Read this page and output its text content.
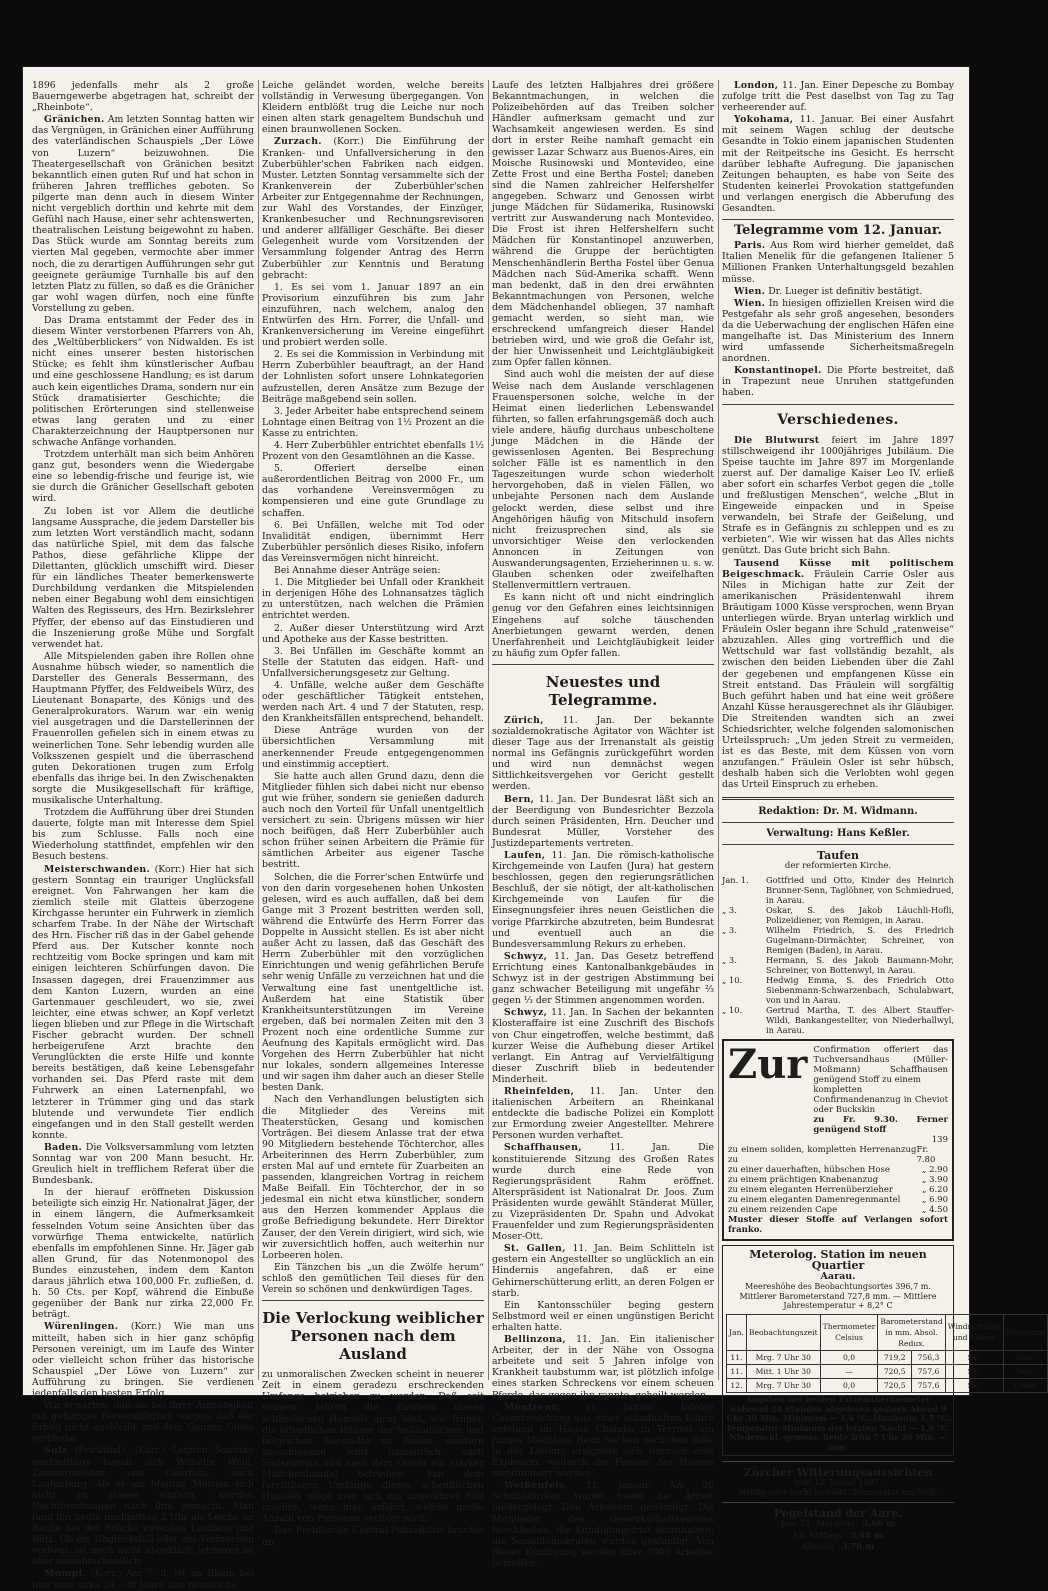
1896 jedenfalls mehr als 2 große Bauerngewerbe abgetragen hat, schreibt der „Rheinbote“.

Gränichen. Am letzten Sonntag hatten wir das Vergnügen, in Gränichen einer Aufführung des vaterländischen Schauspiels „Der Löwe von Luzern“ beizuwohnen. Die Theatergesellschaft von Gränichen besitzt bekanntlich einen guten Ruf und hat schon in früheren Jahren treffliches geboten. So pilgerte man denn auch in diesem Winter nicht vergeblich dorthin und kehrte mit dem Gefühl nach Hause, einer sehr achtenswerten, theatralischen Leistung beigewohnt zu haben. Das Stück wurde am Sonntag bereits zum vierten Mal gegeben, vermochte aber immer noch, die zu derartigen Aufführungen sehr gut geeignete geräumige Turnhalle bis auf den letzten Platz zu füllen, so daß es die Gränicher gar wohl wagen dürfen, noch eine fünfte Vorstellung zu geben.

Das Drama entstammt der Feder des in diesem Winter verstorbenen Pfarrers von Ah, des „Weltüberblickers“ von Nidwalden. Es ist nicht eines unserer besten historischen Stücke; es fehlt ihm künstlerischer Aufbau und eine geschlossene Handlung; es ist darum auch kein eigentliches Drama, sondern nur ein Stück dramatisierter Geschichte; die politischen Erörterungen sind stellenweise etwas lang geraten und zu einer Charakterzeichnung der Hauptpersonen nur schwache Anfänge vorhanden.

Trotzdem unterhält man sich beim Anhören ganz gut, besonders wenn die Wiedergabe eine so lebendig-frische und feurige ist, wie sie durch die Gränicher Gesellschaft geboten wird.

Zu loben ist vor Allem die deutliche langsame Aussprache, die jedem Darsteller bis zum letzten Wort verständlich macht, sodann das natürliche Spiel, mit dem das falsche Pathos, diese gefährliche Klippe der Dilettanten, glücklich umschifft wird. Dieser für ein ländliches Theater bemerkenswerte Durchbildung verdanken die Mitspielenden neben einer Begabung wohl dem einsichtigen Walten des Regisseurs, des Hrn. Bezirkslehrer Pfyffer, der ebenso auf das Einstudieren und die Inszenierung große Mühe und Sorgfalt verwendet hat.

Alle Mitspielenden gaben ihre Rollen ohne Ausnahme hübsch wieder, so namentlich die Darsteller des Generals Bessermann, des Hauptmann Pfyffer, des Feldweibels Würz, des Lieutenant Bonaparte, des Königs und des Generalprokurators. Warum war ein wenig viel ausgetragen und die Darstellerinnen der Frauenrollen gefielen sich in einem etwas zu weinerlichen Tone. Sehr lebendig wurden alle Volksszenen gespielt und die überraschend guten Dekorationen trugen zum Erfolg ebenfalls das ihrige bei. In den Zwischenakten sorgte die Musikgesellschaft für kräftige, musikalische Unterhaltung.

Trotzdem die Aufführung über drei Stunden dauerte, folgte man mit Interesse dem Spiel bis zum Schlusse. Falls noch eine Wiederholung stattfindet, empfehlen wir den Besuch bestens.

Meisterschwanden. (Korr.) Hier hat sich gestern Sonntag ein trauriger Unglücksfall ereignet. Von Fahrwangen her kam die ziemlich steile mit Glatteis überzogene Kirchgasse herunter ein Fuhrwerk in ziemlich scharfem Trabe. In der Nähe der Wirtschaft des Hrn. Fischer riß das in der Gabel gehende Pferd aus. Der Kutscher konnte noch rechtzeitig vom Bocke springen und kam mit einigen leichteren Schürfungen davon. Die Insassen dagegen, drei Frauenzimmer aus dem Kanton Luzern, wurden an eine Gartenmauer geschleudert, wo sie, zwei leichter, eine etwas schwer, an Kopf verletzt liegen blieben und zur Pflege in die Wirtschaft Fischer gebracht wurden. Der schnell herbeigerufene Arzt brachte den Verunglückten die erste Hilfe und konnte bereits bestätigen, daß keine Lebensgefahr vorhanden sei. Das Pferd raste mit dem Fuhrwerk an einen Laternenpfahl, wo letzterer in Trümmer ging und das stark blutende und verwundete Tier endlich eingefangen und in den Stall gestellt werden konnte.

Baden. Die Volksversammlung vom letzten Sonntag war von 200 Mann besucht. Hr. Greulich hielt in trefflichem Referat über die Bundesbank.

In der hierauf eröffneten Diskussion beteiligte sich einzig Hr. Nationalrat Jäger, der in einem längern, die Aufmerksamkeit fesselnden Votum seine Ansichten über das vorwürfige Thema entwickelte, natürlich ebenfalls im empfohlenen Sinne. Hr. Jäger gab allen Grund, für das Notenmonopol des Bundes einzustehen, indem dem Kanton daraus jährlich etwa 100,000 Fr. zufließen, d. h. 50 Cts. per Kopf, während die Einbuße gegenüber der Bank nur zirka 22,000 Fr. beträgt.

Würenlingen. (Korr.) Wie man uns mitteilt, haben sich in hier ganz schöpfig Personen vereinigt, um im Laufe des Winter oder vielleicht schon früher das historische Schauspiel „Der Löwe von Luzern“ zur Aufführung zu bringen. Sie verdienen jedenfalls den besten Erfolg.

Wir erwarten, daß sie bei ihrer Anmutigkeit mit gehöriger Bereitwilligkeit sorgen, daß der Erfolg nicht ausbleibt und dem Ganzen Gutes verbleibe.

Sulz (Frickthal). (Korr.) Letzten Sonntag nachmittags begab sich Wilhelm Weiß, Zimmermeister von Oberfulz, nach Laufenburg. Als er am Montag Morgen sich nicht zu Hause einfand, wurden Nachforschungen nach ihm gemacht. Man fand ihn heute nachmittag 2 Uhr als Leiche im Bache bei der Brücke zwischen Leidikon und Bütz. Ob ein Unglücksfall oder ein Verbrechen vorliegt, ist noch nicht abgeklärt; letzteres ist aber unwahrscheinlich.

Mumpf. (Korr.) Am 7. d. ist im Rhein bei hier eine zirka 24—30 Jahre alte männliche

Leiche geländet worden, welche bereits vollständig in Verwesung übergegangen. Von Kleidern entblößt trug die Leiche nur noch einen alten stark genageltem Bundschuh und einen braunwollenen Socken.

Zurzach. (Korr.) Die Einführung der Kranken- und Unfallversicherung in den Zuberbühler'schen Fabriken nach eidgen. Muster. Letzten Sonntag versammelte sich der Krankenverein der Zuberbühler'schen Arbeiter zur Entgegennahme der Rechnungen, zur Wahl des Vorstandes, der Einzüger, Krankenbesucher und Rechnungsrevisoren und anderer allfälliger Geschäfte. Bei dieser Gelegenheit wurde vom Vorsitzenden der Versammlung folgender Antrag des Herrn Zuberbühler zur Kenntnis und Beratung gebracht:

1. Es sei vom 1. Januar 1897 an ein Provisorium einzuführen bis zum Jahr einzuführen, nach welchem, analog den Entwürfen des Hrn. Forrer, die Unfall- und Krankenversicherung im Vereine eingeführt und probiert werden solle.

2. Es sei die Kommission in Verbindung mit Herrn Zuberbühler beauftragt, an der Hand der Lohnlisten sofort unsere Lohnkategorien aufzustellen, deren Ansätze zum Bezuge der Beiträge maßgebend sein sollen.

3. Jeder Arbeiter habe entsprechend seinem Lohntage einen Beitrag von 1½ Prozent an die Kasse zu entrichten.

4. Herr Zuberbühler entrichtet ebenfalls 1½ Prozent von den Gesamtlöhnen an die Kasse.

5. Offeriert derselbe einen außerordentlichen Beitrag von 2000 Fr., um das vorhandene Vereinsvermögen zu kompensieren und eine gute Grundlage zu schaffen.

6. Bei Unfällen, welche mit Tod oder Invalidität endigen, übernimmt Herr Zuberbühler persönlich dieses Risiko, infofern das Vereinsvermögen nicht hinreicht.

Bei Annahme dieser Anträge seien:

1. Die Mitglieder bei Unfall oder Krankheit in derjenigen Höhe des Lohnansatzes täglich zu unterstützen, nach welchen die Prämien entrichtet werden.

2. Außer dieser Unterstützung wird Arzt und Apotheke aus der Kasse bestritten.

3. Bei Unfällen im Geschäfte kommt an Stelle der Statuten das eidgen. Haft- und Unfallversicherungsgesetz zur Geltung.

4. Unfälle, welche außer dem Geschäfte oder geschäftlicher Tätigkeit entstehen, werden nach Art. 4 und 7 der Statuten, resp. den Krankheitsfällen entsprechend, behandelt.

Diese Anträge wurden von der übersichtlichen Versammlung mit anerkennender Freude entgegengenommen und einstimmig acceptiert.

Sie hatte auch allen Grund dazu, denn die Mitglieder fühlen sich dabei nicht nur ebenso gut wie früher, sondern sie genießen dadurch auch noch den Vorteil für Unfall unentgeltlich versichert zu sein. Übrigens müssen wir hier noch beifügen, daß Herr Zuberbühler auch schon früher seinen Arbeitern die Prämie für sämtlichen Arbeiter aus eigener Tasche bestritt.

Solchen, die die Forrer'schen Entwürfe und von den darin vorgesehenen hohen Unkosten gelesen, wird es auch auffallen, daß bei dem Gange mit 3 Prozent bestritten werden soll, während die Entwürfe des Herrn Forrer das Doppelte in Aussicht stellen. Es ist aber nicht außer Acht zu lassen, daß das Geschäft des Herrn Zuberbühler mit den vorzüglichen Einrichtungen und wenig gefährlichen Berufe sehr wenig Unfälle zu verzeichnen hat und die Verwaltung eine fast unentgeltliche ist. Außerdem hat eine Statistik über Krankheitsunterstützungen im Vereine ergeben, daß bei normalen Zeiten mit den 3 Prozent noch eine ordentliche Summe zur Aeufnung des Kapitals ermöglicht wird. Das Vorgehen des Herrn Zuberbühler hat nicht nur lokales, sondern allgemeines Interesse und wir sagen ihm daher auch an dieser Stelle besten Dank.

Nach den Verhandlungen belustigten sich die Mitglieder des Vereins mit Theaterstücken, Gesang und komischen Vorträgen. Bei diesem Anlasse trat der etwa 90 Mitgliedern bestehende Töchterchor, alles Arbeiterinnen des Herrn Zuberbühler, zum ersten Mal auf und erntete für Zuarbeiten an passenden, klangreichen Vortrag in reichem Maße Beifall. Ein Töchterchor, der in so jedesmal ein nicht etwa künstlicher, sondern aus den Herzen kommender Applaus die große Befriedigung bekundete. Herr Direktor Zauser, der den Verein dirigiert, wird sich, wie wir zuversichtlich hoffen, auch weiterhin nur Lorbeeren holen.

Ein Tänzchen bis „un die Zwölfe herum“ schloß den gemütlichen Teil dieses für den Verein so schönen und denkwürdigen Tages.

Die Verlockung weiblicher Personen nach dem Ausland

zu unmoralischen Zwecken scheint in neuerer Zeit in einem geradezu erschreckenden Umfange betrieben zu werden. Daß seit einigen Jahren die Existenz dieses schändlichen Handels nicht bloß, wie früher, die öffentlichen Häuser der holländischen und belgischen Seestädte zu Zielen, sondern ausschienend wird namentlich nach Südamerika und nach dem Orient ein starker Mädchenhandel betrieben. Von dem furchtbaren Umfange dieses scheußlichen Handels möge man sich ein ungefähres Bild machen, wenn man erfährt, welche große Anzahl von Personen verfolgt wird.

Das Preußische Central-Polizeiblatt brachte im

Laufe des letzten Halbjahres drei größere Bekanntmachungen, in welchen die Polizeibehörden auf das Treiben solcher Händler aufmerksam gemacht und zur Wachsamkeit angewiesen werden. Es sind dort in erster Reihe namhaft gemacht ein gewisser Lazar Schwarz aus Buenos-Aires, ein Moische Rusinowski und Montevideo, eine Zette Frost und eine Bertha Fostel; daneben sind die Namen zahlreicher Helfershelfer angegeben. Schwarz und Genossen wirbt junge Mädchen für Südamerika, Rusinowski vertritt zur Auswanderung nach Montevideo. Die Frost ist ihren Helfershelfern sucht Mädchen für Konstantinopel anzuwerben, während die Gruppe der berüchtigten Menschenhändlerin Bertha Fostel über Genua Mädchen nach Süd-Amerika schafft. Wenn man bedenkt, daß in den drei erwähnten Bekanntmachungen von Personen, welche dem Mädchenhandel obliegen, 37 namhaft gemacht werden, so sieht man, wie erschreckend umfangreich dieser Handel betrieben wird, und wie groß die Gefahr ist, der hier Unwissenheit und Leichtgläubigkeit zum Opfer fallen können.

Sind auch wohl die meisten der auf diese Weise nach dem Auslande verschlagenen Frauenspersonen solche, welche in der Heimat einen liederlichen Lebenswandel führten, so fallen erfahrungsgemäß doch auch viele andere, häufig durchaus unbescholtene junge Mädchen in die Hände der gewissenlosen Agenten. Bei Besprechung solcher Fälle ist es namentlich in den Tageszeitungen wurde schon wiederholt hervorgehoben, daß in vielen Fällen, wo unbejahte Personen nach dem Auslande gelockt werden, diese selbst und ihre Angehörigen häufig von Mitschuld insofern nicht freizusprechen sind, als sie unvorsichtiger Weise den verlockenden Annoncen in Zeitungen von Auswanderungsagenten, Erzieherinnen u. s. w. Glauben schenken oder zweifelhaften Stellenvermittlern vertrauen.

Es kann nicht oft und nicht eindringlich genug vor den Gefahren eines leichtsinnigen Eingehens auf solche täuschenden Anerbietungen gewarnt werden, denen Unerfahrenheit und Leichtgläubigkeit leider zu häufig zum Opfer fallen.

Neuestes und Telegramme.

Zürich, 11. Jan. Der bekannte sozialdemokratische Agitator von Wächter ist dieser Tage aus der Irrenanstalt als geistig normal ins Gefängnis zurückgeführt worden und wird nun demnächst wegen Sittlichkeitsvergehen vor Gericht gestellt werden.

Bern, 11. Jan. Der Bundesrat läßt sich an der Beerdigung von Bundesrichter Bezzola durch seinen Präsidenten, Hrn. Deucher und Bundesrat Müller, Vorsteher des Justizdepartements vertreten.

Laufen, 11. Jan. Die römisch-katholische Kirchgemeinde von Laufen (Jura) hat gestern beschlossen, gegen den regierungsrätlichen Beschluß, der sie nötigt, der alt-katholischen Kirchgemeinde von Laufen für die Einsegnungsfeier ihres neuen Geistlichen die vorige Pfarrkirche abzutreten, beim Bundesrat und eventuell auch an die Bundesversammlung Rekurs zu erheben.

Schwyz, 11. Jan. Das Gesetz betreffend Errichtung eines Kantonalbankgebäudes in Schwyz ist in der gestrigen Abstimmung bei ganz schwacher Beteiligung mit ungefähr ⅔ gegen ⅓ der Stimmen angenommen worden.

Schwyz, 11. Jan. In Sachen der bekannten Klosteraffaire ist eine Zuschrift des Bischofs von Chur eingetroffen, welche bestimmt, daß kurzer Weise die Aufhebung dieser Artikel verlangt. Ein Antrag auf Vervielfältigung dieser Zuschrift blieb in bedeutender Minderheit.

Rheinfelden, 11. Jan. Unter den italienischen Arbeitern an Rheinkanal entdeckte die badische Polizei ein Komplott zur Ermordung zweier Angestellter. Mehrere Personen wurden verhaftet.

Schaffhausen,	11. Jan. Die konstituierende Sitzung des Großen Rates wurde durch eine Rede von Regierungspräsident Rahm eröffnet. Alterspräsident ist Nationalrat Dr. Joos. Zum Präsidenten wurde gewählt Ständerat Müller, zu Vizepräsidenten Dr. Spahn und Advokat Frauenfelder und zum Regierungspräsidenten Moser-Ott.

St. Gallen, 11. Jan. Beim Schlitteln ist gestern ein Angestellter so unglücklich an ein Hindernis angefahren, daß er eine Gehirnerschütterung erlitt, an deren Folgen er starb.

Ein Kantonsschüler beging gestern Selbstmord weil er einen ungünstigen Bericht erhalten hatte.

Bellinzona, 11. Jan. Ein italienischer Arbeiter, der in der Nähe von Ossogna arbeitete und seit 5 Jahren infolge von Krankheit taubstumm war, ist plötzlich infolge eines starken Schreckens vor einem scheuen Pferde, das gegen ihn rannte, geheilt worden.

Montreux,	11. Januar. Infolge Gasentweichung aus einer schadhaften Röhre entstand im Hause Chamba in Territet ein junges Mädchen. Beim Suchen nach dem Riße in der Leitung ereignete sich hernach eine Explosion, wodurch die Fenster des Hauses zertrümmert wurden.

Weißenfels, 11. Januar. Am 30 Schuhfabriken wurde heute die Arbeit niedergelegt. Den Arbeitern gebündigt. Die Mitglieder des Gewerkschaftsvereins beschließen, die Kündigungsfrist einzuhalten; die Sozialdemokraten wurden gekündigt. Von dieser Kündigung werden über 3000 Arbeiter betroffen.

London, 11. Jan. Einer Depesche zu Bombay zufolge tritt die Pest daselbst von Tag zu Tag verheerender auf.

Yokohama, 11. Januar. Bei einer Ausfahrt mit seinem Wagen schlug der deutsche Gesandte in Tokio einem japanischen Studenten mit der Reitpeitsche ins Gesicht. Es herrscht darüber lebhafte Aufregung. Die japanischen Zeitungen behaupten, es habe von Seite des Studenten keinerlei Provokation stattgefunden und verlangen energisch die Abberufung des Gesandten.

Telegramme vom 12. Januar.

Paris. Aus Rom wird hierher gemeldet, daß Italien Menelik für die gefangenen Italiener 5 Millionen Franken Unterhaltungsgeld bezahlen müsse.

Wien. Dr. Lueger ist definitiv bestätigt.

Wien. In hiesigen offiziellen Kreisen wird die Pestgefahr als sehr groß angesehen, besonders da die Ueberwachung der englischen Häfen eine mangelhafte ist. Das Ministerium des Innern wird umfassende Sicherheitsmaßregeln anordnen.

Konstantinopel. Die Pforte bestreitet, daß in Trapezunt neue Unruhen stattgefunden haben.

Verschiedenes.

Die Blutwurst feiert im Jahre 1897 stillschweigend ihr 1000jähriges Jubiläum. Die Speise tauchte im Jahre 897 im Morgenlande zuerst auf. Der damalige Kaiser Leo IV. erließ aber sofort ein scharfes Verbot gegen die „tolle und freßlustigen Menschen“, welche „Blut in Eingeweide einpacken und in Speise verwandeln, bei Strafe der Geißelung, und Strafe es in Gefängnis zu schleppen und es zu verbieten“. Wie wir wissen hat das Alles nichts genützt. Das Gute bricht sich Bahn.

Tausend Küsse mit politischem Beigeschmack. Fräulein Carrie Osler aus Niles in Michigan hatte zur Zeit der amerikanischen Präsidentenwahl ihrem Bräutigam 1000 Küsse versprochen, wenn Bryan unterliegen würde. Bryan unterlag wirklich und Fräulein Osler begann ihre Schuld „ratenweise“ abzuzahlen. Alles ging vortrefflich und die Wettschuld war fast vollständig bezahlt, als zwischen den beiden Liebenden über die Zahl der gegebenen und empfangenen Küsse ein Streit entstand. Das Fräulein will sorgfältig Buch geführt haben und hat eine weit größere Anzahl Küsse herausgerechnet als ihr Gläubiger. Die Streitenden wandten sich an zwei Schiedsrichter, welche folgenden salomonischen Urteilsspruch: „Um jeden Streit zu vermeiden, ist es das Beste, mit dem Küssen von vorn anzufangen.“ Fräulein Osler ist sehr hübsch, deshalb haben sich die Verlobten wohl gegen das Urteil Einspruch zu erheben.

Redaktion: Dr. M. Widmann.
Verwaltung: Hans Keßler.
Taufen
der reformierten Kirche.
Jan. 1.	Gottfried und Otto, Kinder des Heinrich Brunner-Senn, Taglöhner, von Schmiedrued, in Aarau.
„ 3.	Oskar, S. des Jakob Läuchli-Hofli, Polizeidiener, von Remigen, in Aarau.
„ 3.	Wilhelm Friedrich, S. des Friedrich Gugelmann-Dirmächter, Schreiner, von Remigen (Baden), in Aarau.
„ 3.	Hermann, S. des Jakob Baumann-Mohr, Schreiner, von Bottenwyl, in Aarau.
„ 10.	Hedwig Emma, S. des Friedrich Otto Siebenmann-Schwarzenbach, Schulabwart, von und in Aarau.
„ 10.	Gertrud Martha, T. des Albert Stauffer-Wildi, Bankangestellter, von Niederhallwyl, in Aarau.
Zur Confirmation offeriert das Tuchversandhaus (Müller-Moßmann) Schaffhausen genügend Stoff zu einem
kompletten Confirmandenanzug in Cheviot oder Buckskin
zu Fr. 9.30. Ferner genügend Stoff
139
zu einem soliden, kompletten Herrenanzug zu
Fr. 7.80
zu einer dauerhaften, hübschen Hose	„ 2.90
zu einem prächtigen Knabenanzug	„ 3.90
zu einem eleganten Herrenüberzieher	„ 6.20
zu einem eleganten Damenregenmantel	„ 6.90
zu einem reizenden Cape	„ 4.50
Muster dieser Stoffe auf Verlangen sofort franko.
Meterolog. Station im neuen Quartier
Aarau.
Meereshöhe des Beobachtungsortes 396,7 m.
Mittlerer Barometerstand 727,8 mm. — Mittlere Jahrestemperatur + 8,2° C
Jan.	Beobachtungszeit	Thermometer Celsius	Barometerstand in mm. Absol. Redux.		Windrichtung und Stärke	Witterung
11.	Mrg. 7 Uhr 30	0,0	719,2	756,3	SE.	Neb.
11.	Mitt. 1 Uhr 30	—	720,5	757,6	SE.	Neb.
12.	Mrg. 7 Uhr 30	0,0	720,5	757,6	SE.	1.Neb
Angaben der beiden Extremthermometer während 24 Stunden abgelesen gestern Abend 9 Uhr 30 Min. Minimum — 1,6 °C. Maximum 1,5 °C. Temperatur-Minimum der letzten Nacht — 1,9 °C. Niederschl.-gemess. heute früh 7 Uhr 30 Min. — mm.
Zürcher Witterungsaussichten
vom 12. Januar 1897.
Neblig oder leicht bewölkt, Temperatur um Null.
Pegelstand der Aare.
Jan. 11. Morgens 3,66 m
12. Mittags 3,68 m
Abends 3,70 m
